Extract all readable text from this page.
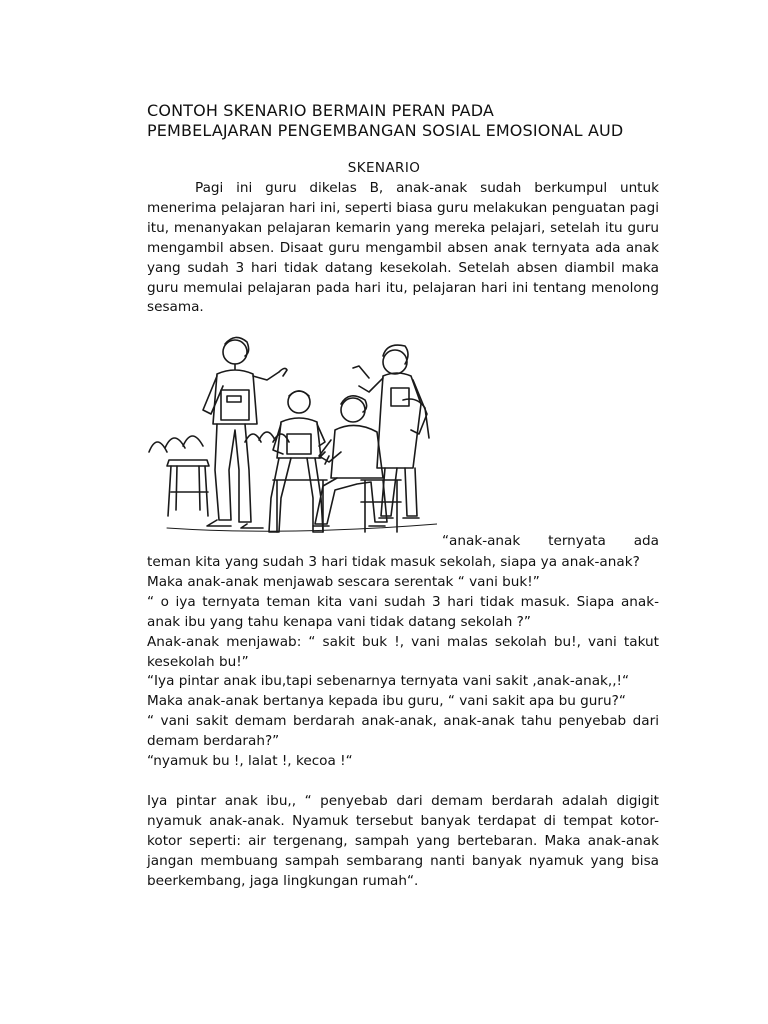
CONTOH SKENARIO BERMAIN PERAN PADA
PEMBELAJARAN PENGEMBANGAN SOSIAL EMOSIONAL AUD
SKENARIO
Pagi ini guru dikelas B, anak-anak sudah berkumpul untuk menerima pelajaran hari ini, seperti biasa guru melakukan penguatan pagi itu, menanyakan pelajaran kemarin yang mereka pelajari, setelah itu guru mengambil absen. Disaat guru mengambil absen anak ternyata ada anak yang sudah 3 hari tidak datang kesekolah. Setelah absen diambil maka guru memulai pelajaran pada hari itu, pelajaran hari ini tentang menolong sesama.
“anak-anak ternyata ada

teman kita yang sudah 3 hari tidak masuk sekolah, siapa ya anak-anak?

Maka anak-anak menjawab sescara serentak “ vani buk!”

“ o iya ternyata teman kita vani sudah 3 hari tidak masuk. Siapa anak-anak ibu yang tahu kenapa vani tidak datang sekolah ?”

Anak-anak menjawab: “ sakit buk !, vani malas sekolah bu!, vani takut kesekolah bu!”

“Iya pintar anak ibu,tapi sebenarnya ternyata vani sakit ,anak-anak,,!“

Maka anak-anak bertanya kepada ibu guru, “ vani sakit apa bu guru?“

“ vani sakit demam berdarah anak-anak, anak-anak tahu penyebab dari demam berdarah?”

“nyamuk bu !, lalat !, kecoa !“

Iya pintar anak ibu,, “ penyebab dari demam berdarah adalah digigit nyamuk anak-anak. Nyamuk tersebut banyak terdapat di tempat kotor-kotor seperti: air tergenang, sampah yang bertebaran. Maka anak-anak jangan membuang sampah sembarang nanti banyak nyamuk yang bisa beerkembang, jaga lingkungan rumah“.
